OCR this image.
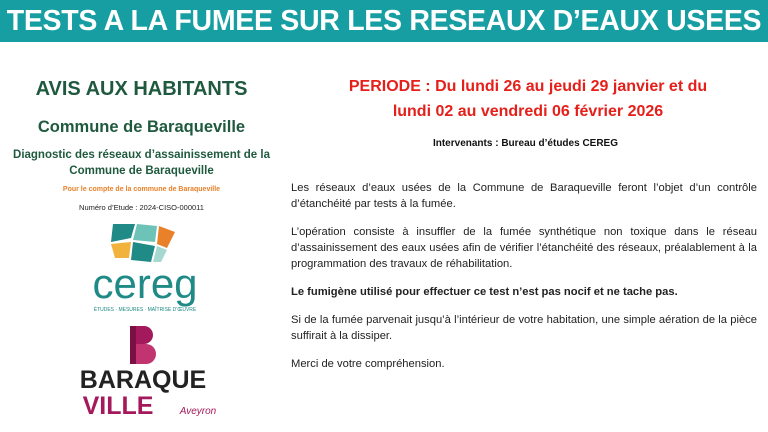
TESTS A LA FUMEE SUR LES RESEAUX D’EAUX USEES
AVIS AUX HABITANTS
Commune de Baraqueville
Diagnostic des réseaux d’assainissement de la Commune de Baraqueville
Pour le compte de la commune de Baraqueville
Numéro d’Etude : 2024-CISO-000011
cereg
ÉTUDES · MESURES · MAÎTRISE D’ŒUVRE
BARAQUE
VILLE	Aveyron
PERIODE : Du lundi 26 au jeudi 29 janvier et du
lundi 02 au vendredi 06 février 2026
Intervenants : Bureau d’études CEREG

Les réseaux d’eaux usées de la Commune de Baraqueville feront l’objet d’un contrôle d’étanchéité par tests à la fumée.

L’opération consiste à insuffler de la fumée synthétique non toxique dans le réseau d’assainissement des eaux usées afin de vérifier l’étanchéité des réseaux, préalablement à la programmation des travaux de réhabilitation.

Le fumigène utilisé pour effectuer ce test n’est pas nocif et ne tache pas.

Si de la fumée parvenait jusqu’à l’intérieur de votre habitation, une simple aération de la pièce suffirait à la dissiper.

Merci de votre compréhension.
